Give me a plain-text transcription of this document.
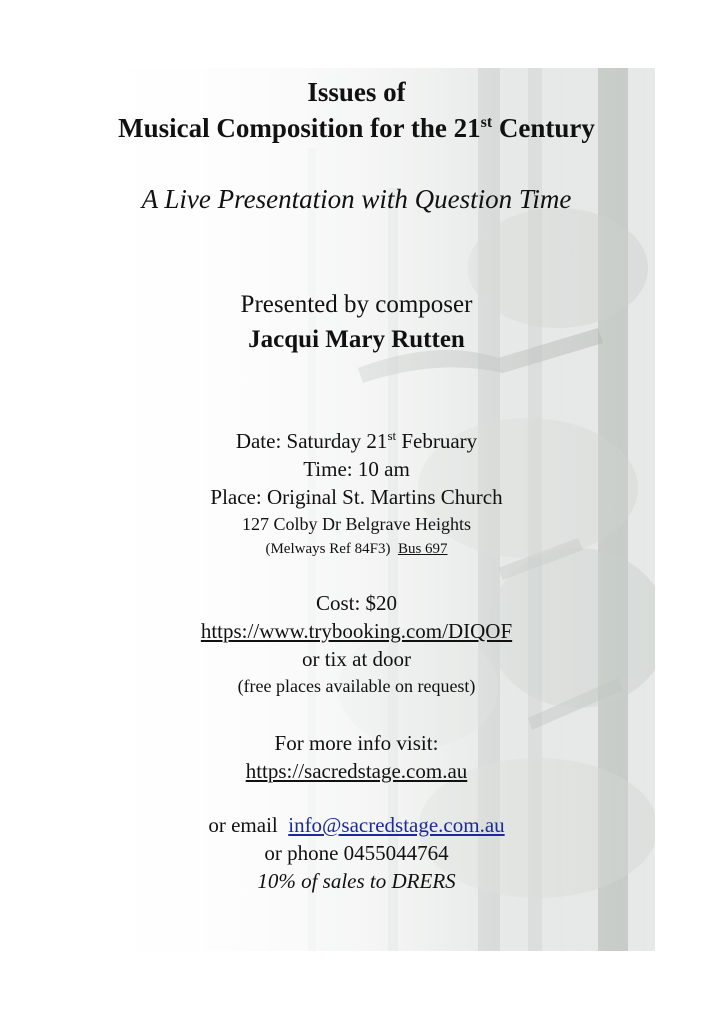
Issues of
Musical Composition for the 21st Century
A Live Presentation with Question Time
Presented by composer
Jacqui Mary Rutten
Date: Saturday 21st February
Time: 10 am
Place: Original St. Martins Church
127 Colby Dr Belgrave Heights
(Melways Ref 84F3) Bus 697
Cost: $20
https://www.trybooking.com/DIQOF
or tix at door
(free places available on request)
For more info visit:
https://sacredstage.com.au
or email info@sacredstage.com.au
or phone 0455044764
10% of sales to DRERS
